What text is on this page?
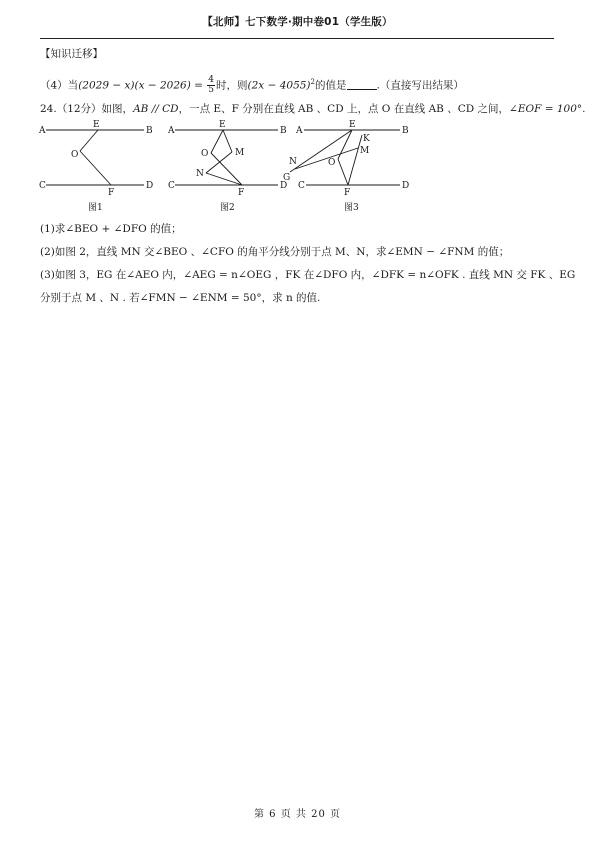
【北师】七下数学·期中卷01（学生版）
【知识迁移】
（4）当$(2029 - x)(x - 2026) = \frac{4}{5}$ 时，则$(2x - 4055)^2$的值是	.（直接写出结果）
24.（12分）如图，AB // CD，一点 E、F 分别在直线 AB 、CD 上，点 O 在直线 AB 、CD 之间，∠EOF = 100°.
A	B
C	D
E
F
O
图1
A	B
C	D
E
F
O	M
N
图2
A	B
C	D
E
F
O
M
N
K
G
图3
(1)求∠BEO + ∠DFO 的值；
(2)如图 2，直线 MN 交∠BEO 、∠CFO 的角平分线分别于点 M、N，求∠EMN − ∠FNM 的值；
(3)如图 3，EG 在∠AEO 内，∠AEG = n∠OEG ，FK 在∠DFO 内，∠DFK = n∠OFK . 直线 MN 交 FK 、EG
分别于点 M 、N . 若∠FMN − ∠ENM = 50°，求 n 的值.
第 6 页 共 20 页
